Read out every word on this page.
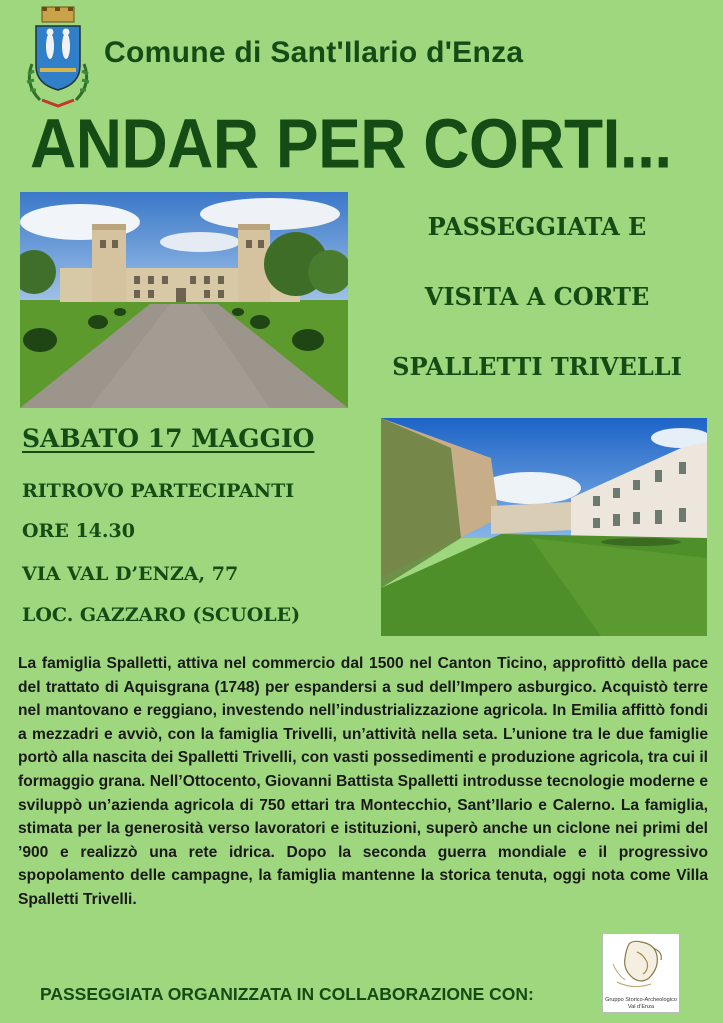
Comune di Sant'Ilario d'Enza
ANDAR PER CORTI...
PASSEGGIATA E
VISITA A CORTE
SPALLETTI TRIVELLI
SABATO 17 MAGGIO
RITROVO PARTECIPANTI
ORE 14.30
VIA VAL D’ENZA, 77
LOC. GAZZARO (SCUOLE)
La famiglia Spalletti, attiva nel commercio dal 1500 nel Canton Ticino, approfittò della pace del trattato di Aquisgrana (1748) per espandersi a sud dell’Impero asburgico. Acquistò terre nel mantovano e reggiano, investendo nell’industrializzazione agricola. In Emilia affittò fondi a mezzadri e avviò, con la famiglia Trivelli, un’attività nella seta. L’unione tra le due famiglie portò alla nascita dei Spalletti Trivelli, con vasti possedimenti e produzione agricola, tra cui il formaggio grana. Nell’Ottocento, Giovanni Battista Spalletti introdusse tecnologie moderne e sviluppò un’azienda agricola di 750 ettari tra Montecchio, Sant’Ilario e Calerno. La famiglia, stimata per la generosità verso lavoratori e istituzioni, superò anche un ciclone nei primi del ’900 e realizzò una rete idrica. Dopo la seconda guerra mondiale e il progressivo spopolamento delle campagne, la famiglia mantenne la storica tenuta, oggi nota come Villa Spalletti Trivelli.
PASSEGGIATA ORGANIZZATA IN COLLABORAZIONE CON:	Gruppo Storico-Archeologico
Val d’Enza
